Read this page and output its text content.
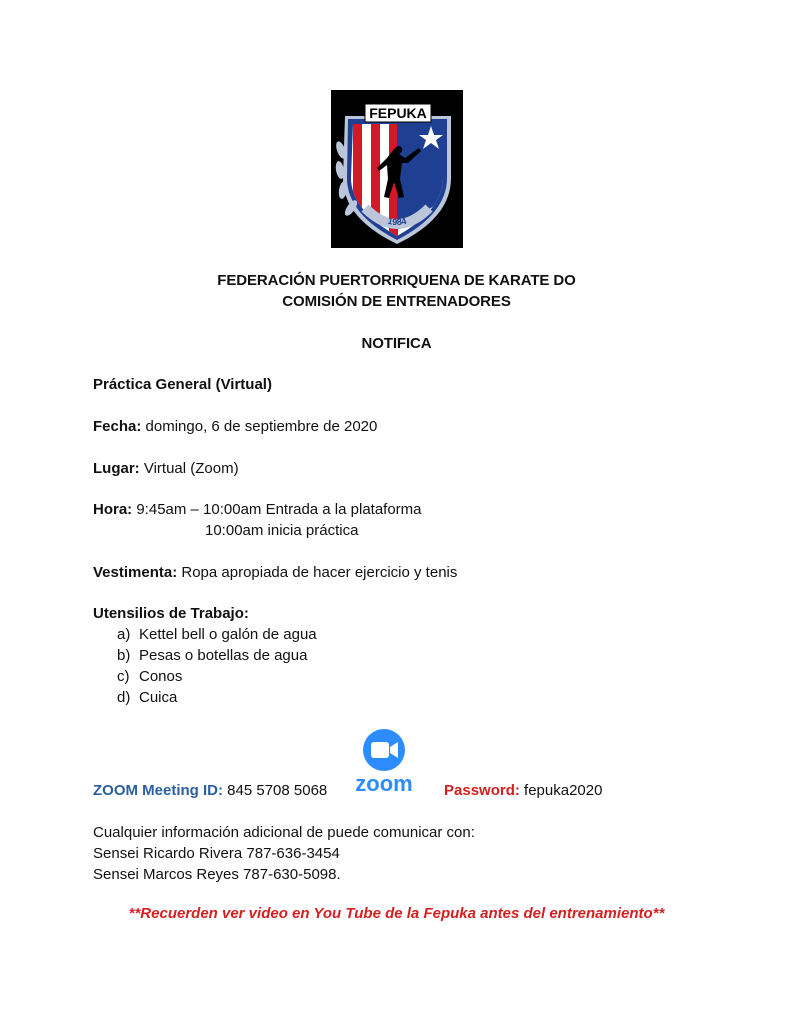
FEPUKA
1984
FEDERACIÓN PUERTORRIQUENA DE KARATE DO
COMISIÓN DE ENTRENADORES
NOTIFICA
Práctica General (Virtual)
Fecha: domingo, 6 de septiembre de 2020
Lugar: Virtual (Zoom)
Hora: 9:45am – 10:00am Entrada a la plataforma
10:00am inicia práctica
Vestimenta: Ropa apropiada de hacer ejercicio y tenis
Utensilios de Trabajo:
a) Kettel bell o galón de agua
b) Pesas o botellas de agua
c) Conos
d) Cuica
zoom
ZOOM Meeting ID: 845 5708 5068	Password: fepuka2020
Cualquier información adicional de puede comunicar con:
Sensei Ricardo Rivera 787-636-3454
Sensei Marcos Reyes 787-630-5098.
**Recuerden ver video en You Tube de la Fepuka antes del entrenamiento**
